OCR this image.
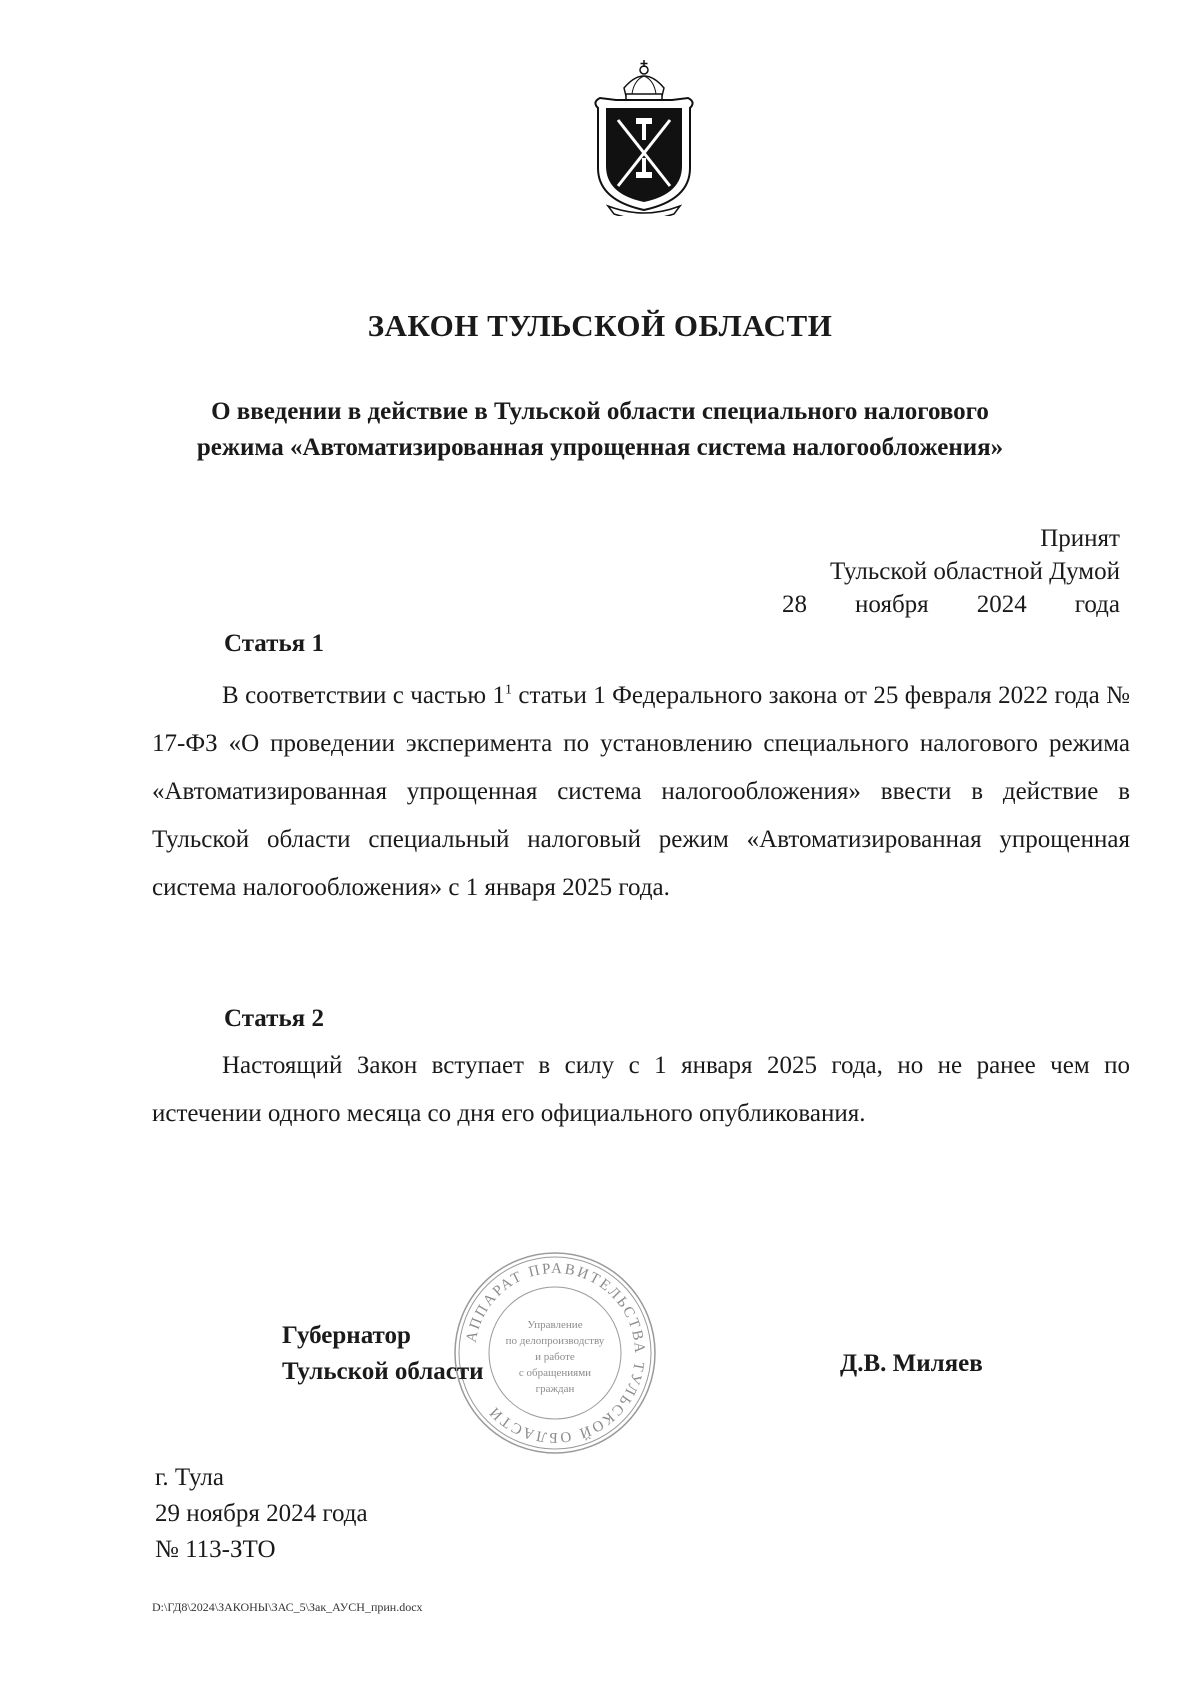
ЗАКОН ТУЛЬСКОЙ ОБЛАСТИ
О введении в действие в Тульской области специального налогового
режима «Автоматизированная упрощенная система налогообложения»
Принят
Тульской областной Думой
28 ноября 2024 года
Статья 1
В соответствии с частью $1^1$ статьи 1 Федерального закона от 25 февраля 2022 года № 17-ФЗ «О проведении эксперимента по установлению специального налогового режима «Автоматизированная упрощенная система налогообложения» ввести в действие в Тульской области специальный налоговый режим «Автоматизированная упрощенная система налогообложения» с 1 января 2025 года.
Статья 2
Настоящий Закон вступает в силу с 1 января 2025 года, но не ранее чем по истечении одного месяца со дня его официального опубликования.
АППАРАТ ПРАВИТЕЛЬСТВА ТУЛЬСКОЙ ОБЛАСТИ
Управление
по делопроизводству
и работе
с обращениями
граждан
Губернатор
Тульской области	Д.В. Миляев
г. Тула
29 ноября 2024 года
№ 113-ЗТО
D:\ГД8\2024\ЗАКОНЫ\ЗАС_5\Зак_АУСН_прин.docx
